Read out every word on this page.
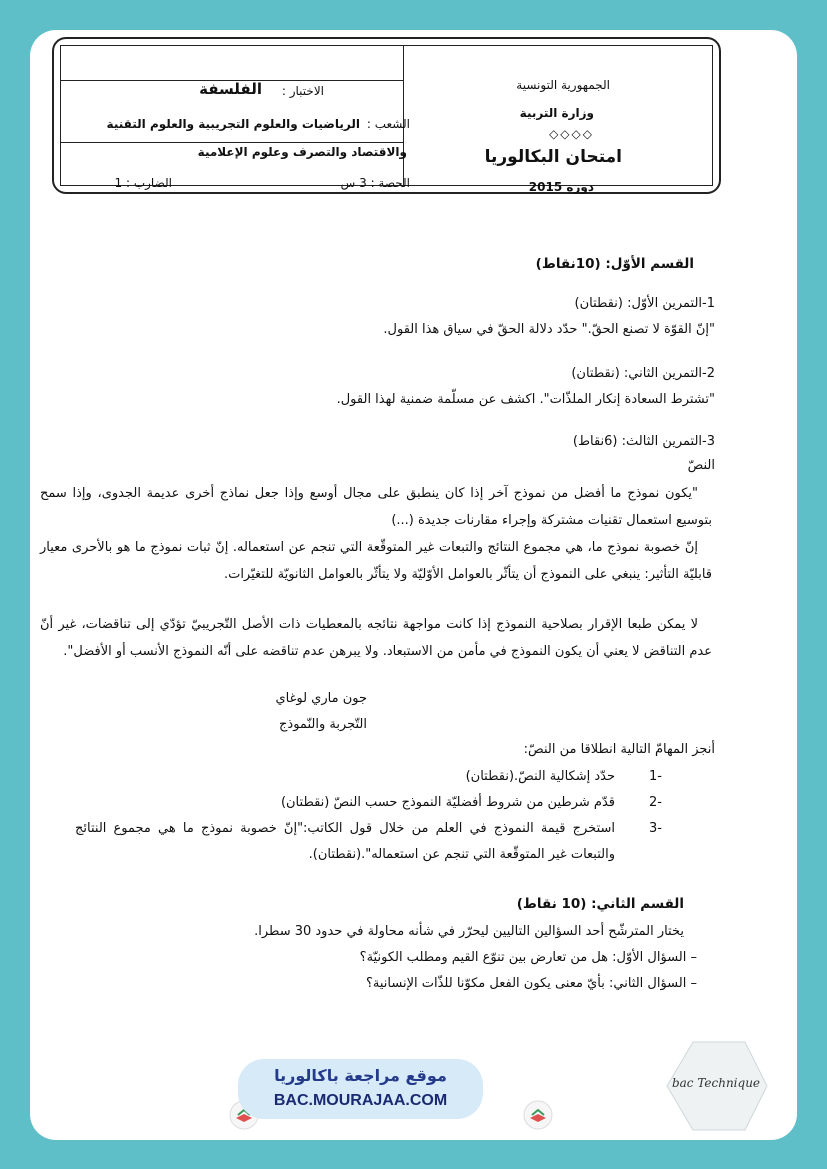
الجمهورية التونسية
وزارة التربية
◇◇◇◇
امتحان البكالوريا
دورة 2015
الاختبار :
الفلسفة
الشعب :
الرياضيات والعلوم التجريبية والعلوم التقنية
والاقتصاد والتصرف وعلوم الإعلامية
الحصة : 3 س
الضارب : 1
القسم الأوّل: (10نقاط)
1-التمرين الأوّل: (نقطتان)
"إنّ القوّة لا تصنع الحقّ." حدّد دلالة الحقّ في سياق هذا القول.
2-التمرين الثاني: (نقطتان)
"تشترط السعادة إنكار الملذّات". اكشف عن مسلّمة ضمنية لهذا القول.
3-التمرين الثالث: (6نقاط)
النصّ
"يكون نموذج ما أفضل من نموذج آخر إذا كان ينطبق على مجال أوسع وإذا جعل نماذج أخرى عديمة الجدوى، وإذا سمح بتوسيع استعمال تقنيات مشتركة وإجراء مقارنات جديدة (...)
إنّ خصوبة نموذج ما، هي مجموع النتائج والتبعات غير المتوقّعة التي تنجم عن استعماله. إنّ ثبات نموذج ما هو بالأحرى معيار قابليّة التأثير: ينبغي على النموذج أن يتأثّر بالعوامل الأوّليّة ولا يتأثّر بالعوامل الثانويّة للتغيّرات.
لا يمكن طبعا الإقرار بصلاحية النموذج إذا كانت مواجهة نتائجه بالمعطيات ذات الأصل التّجريبيّ تؤدّي إلى تناقضات، غير أنّ عدم التناقض لا يعني أن يكون النموذج في مأمن من الاستبعاد. ولا يبرهن عدم تناقضه على أنّه النموذج الأنسب أو الأفضل".
جون ماري لوغاي
التّجربة والنّموذج
أنجز المهامّ التالية انطلاقا من النصّ:
-1
حدّد إشكالية النصّ.(نقطتان)
-2
قدّم شرطين من شروط أفضليّة النموذج حسب النصّ (نقطتان)
-3
استخرج قيمة النموذج في العلم من خلال قول الكاتب:"إنّ خصوبة نموذج ما هي مجموع النتائج والتبعات غير المتوقّعة التي تنجم عن استعماله".(نقطتان).
القسم الثاني: (10 نقاط)
يختار المترشّح أحد السؤالين التاليين ليحرّر في شأنه محاولة في حدود 30 سطرا.
– السؤال الأوّل: هل من تعارض بين تنوّع القيم ومطلب الكونيّة؟
– السؤال الثاني: بأيّ معنى يكون الفعل مكوّنا للذّات الإنسانية؟
موقع مراجعة باكالوريا
BAC.MOURAJAA.COM
bac Technique
